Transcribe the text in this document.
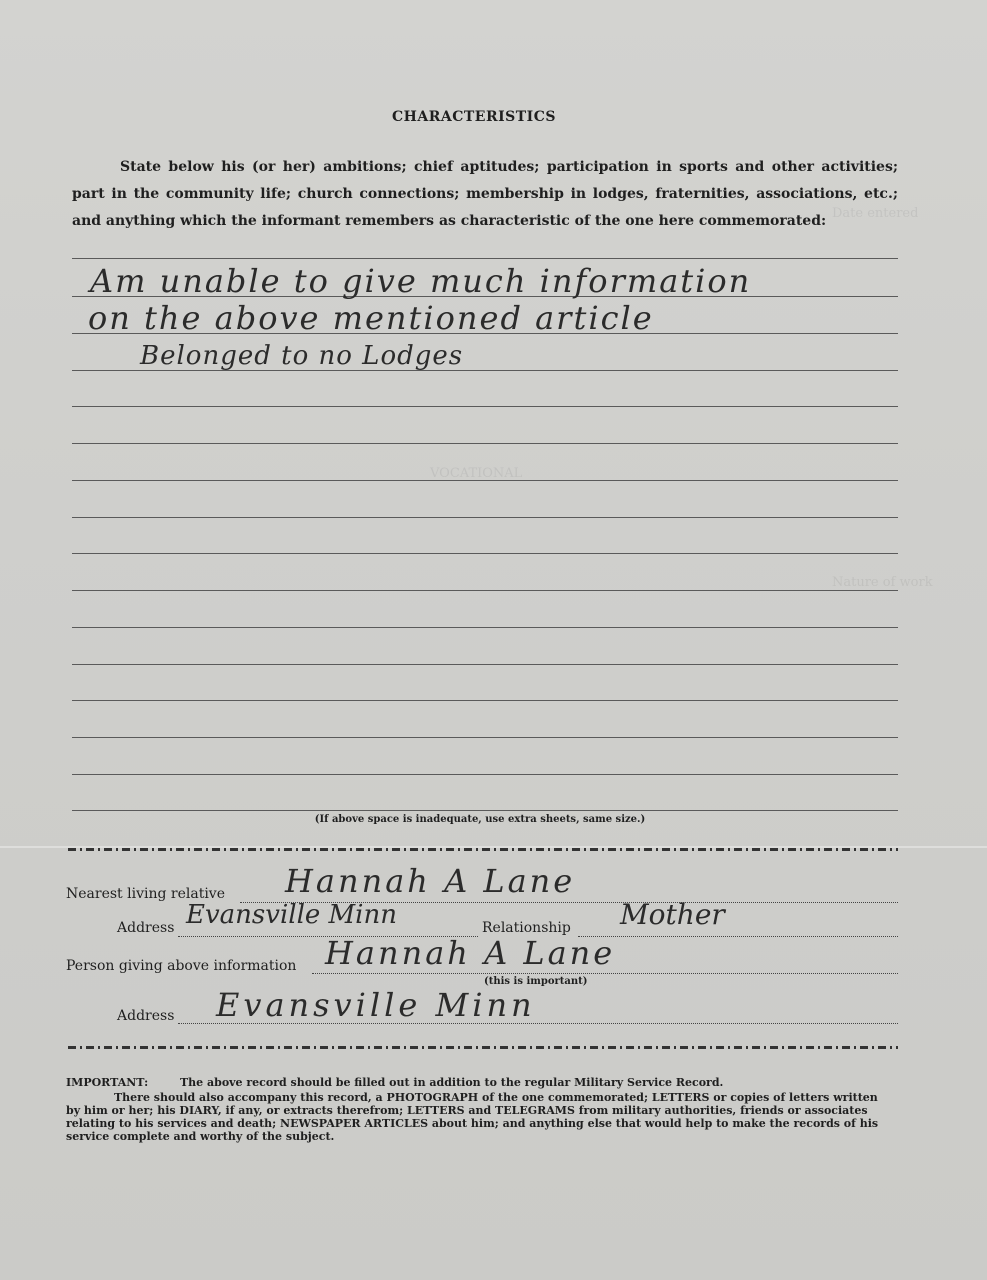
Date entered
VOCATIONAL
Nature of work
CHARACTERISTICS
State below his (or her) ambitions; chief aptitudes; participation in sports and other activities; part in the community life; church connections; membership in lodges, fraternities, associations, etc.; and anything which the informant remembers as characteristic of the one here commemorated:
Am unable to give much information
on the above mentioned article
Belonged to no Lodges
(If above space is inadequate, use extra sheets, same size.)
Nearest living relative Hannah A Lane
Address Evansville Minn	Relationship Mother
Person giving above information Hannah A Lane
(this is important)
Address Evansville Minn
IMPORTANT:	The above record should be filled out in addition to the regular Military Service Record.
There should also accompany this record, a PHOTOGRAPH of the one commemorated; LETTERS or copies of letters written by him or her; his DIARY, if any, or extracts therefrom; LETTERS and TELEGRAMS from military authorities, friends or associates relating to his services and death; NEWSPAPER ARTICLES about him; and anything else that would help to make the records of his service complete and worthy of the subject.
